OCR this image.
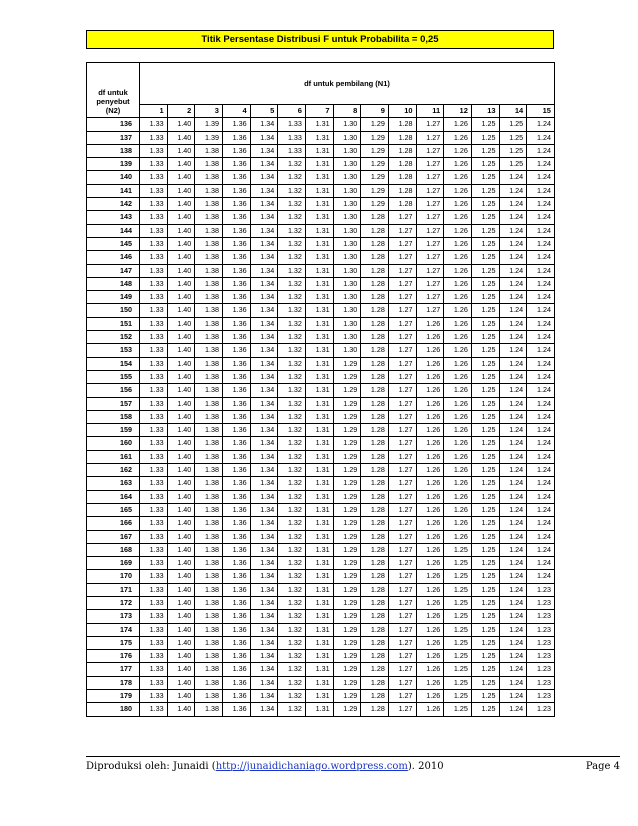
Titik Persentase Distribusi F untuk Probabilita = 0,25
df untuk
penyebut
(N2)	df untuk pembilang (N1)														
	1	2	3	4	5	6	7	8	9	10	11	12	13	14	15
136	1.33	1.40	1.39	1.36	1.34	1.33	1.31	1.30	1.29	1.28	1.27	1.26	1.25	1.25	1.24
137	1.33	1.40	1.39	1.36	1.34	1.33	1.31	1.30	1.29	1.28	1.27	1.26	1.25	1.25	1.24
138	1.33	1.40	1.38	1.36	1.34	1.33	1.31	1.30	1.29	1.28	1.27	1.26	1.25	1.25	1.24
139	1.33	1.40	1.38	1.36	1.34	1.32	1.31	1.30	1.29	1.28	1.27	1.26	1.25	1.25	1.24
140	1.33	1.40	1.38	1.36	1.34	1.32	1.31	1.30	1.29	1.28	1.27	1.26	1.25	1.24	1.24
141	1.33	1.40	1.38	1.36	1.34	1.32	1.31	1.30	1.29	1.28	1.27	1.26	1.25	1.24	1.24
142	1.33	1.40	1.38	1.36	1.34	1.32	1.31	1.30	1.29	1.28	1.27	1.26	1.25	1.24	1.24
143	1.33	1.40	1.38	1.36	1.34	1.32	1.31	1.30	1.28	1.27	1.27	1.26	1.25	1.24	1.24
144	1.33	1.40	1.38	1.36	1.34	1.32	1.31	1.30	1.28	1.27	1.27	1.26	1.25	1.24	1.24
145	1.33	1.40	1.38	1.36	1.34	1.32	1.31	1.30	1.28	1.27	1.27	1.26	1.25	1.24	1.24
146	1.33	1.40	1.38	1.36	1.34	1.32	1.31	1.30	1.28	1.27	1.27	1.26	1.25	1.24	1.24
147	1.33	1.40	1.38	1.36	1.34	1.32	1.31	1.30	1.28	1.27	1.27	1.26	1.25	1.24	1.24
148	1.33	1.40	1.38	1.36	1.34	1.32	1.31	1.30	1.28	1.27	1.27	1.26	1.25	1.24	1.24
149	1.33	1.40	1.38	1.36	1.34	1.32	1.31	1.30	1.28	1.27	1.27	1.26	1.25	1.24	1.24
150	1.33	1.40	1.38	1.36	1.34	1.32	1.31	1.30	1.28	1.27	1.27	1.26	1.25	1.24	1.24
151	1.33	1.40	1.38	1.36	1.34	1.32	1.31	1.30	1.28	1.27	1.26	1.26	1.25	1.24	1.24
152	1.33	1.40	1.38	1.36	1.34	1.32	1.31	1.30	1.28	1.27	1.26	1.26	1.25	1.24	1.24
153	1.33	1.40	1.38	1.36	1.34	1.32	1.31	1.30	1.28	1.27	1.26	1.26	1.25	1.24	1.24
154	1.33	1.40	1.38	1.36	1.34	1.32	1.31	1.29	1.28	1.27	1.26	1.26	1.25	1.24	1.24
155	1.33	1.40	1.38	1.36	1.34	1.32	1.31	1.29	1.28	1.27	1.26	1.26	1.25	1.24	1.24
156	1.33	1.40	1.38	1.36	1.34	1.32	1.31	1.29	1.28	1.27	1.26	1.26	1.25	1.24	1.24
157	1.33	1.40	1.38	1.36	1.34	1.32	1.31	1.29	1.28	1.27	1.26	1.26	1.25	1.24	1.24
158	1.33	1.40	1.38	1.36	1.34	1.32	1.31	1.29	1.28	1.27	1.26	1.26	1.25	1.24	1.24
159	1.33	1.40	1.38	1.36	1.34	1.32	1.31	1.29	1.28	1.27	1.26	1.26	1.25	1.24	1.24
160	1.33	1.40	1.38	1.36	1.34	1.32	1.31	1.29	1.28	1.27	1.26	1.26	1.25	1.24	1.24
161	1.33	1.40	1.38	1.36	1.34	1.32	1.31	1.29	1.28	1.27	1.26	1.26	1.25	1.24	1.24
162	1.33	1.40	1.38	1.36	1.34	1.32	1.31	1.29	1.28	1.27	1.26	1.26	1.25	1.24	1.24
163	1.33	1.40	1.38	1.36	1.34	1.32	1.31	1.29	1.28	1.27	1.26	1.26	1.25	1.24	1.24
164	1.33	1.40	1.38	1.36	1.34	1.32	1.31	1.29	1.28	1.27	1.26	1.26	1.25	1.24	1.24
165	1.33	1.40	1.38	1.36	1.34	1.32	1.31	1.29	1.28	1.27	1.26	1.26	1.25	1.24	1.24
166	1.33	1.40	1.38	1.36	1.34	1.32	1.31	1.29	1.28	1.27	1.26	1.26	1.25	1.24	1.24
167	1.33	1.40	1.38	1.36	1.34	1.32	1.31	1.29	1.28	1.27	1.26	1.26	1.25	1.24	1.24
168	1.33	1.40	1.38	1.36	1.34	1.32	1.31	1.29	1.28	1.27	1.26	1.25	1.25	1.24	1.24
169	1.33	1.40	1.38	1.36	1.34	1.32	1.31	1.29	1.28	1.27	1.26	1.25	1.25	1.24	1.24
170	1.33	1.40	1.38	1.36	1.34	1.32	1.31	1.29	1.28	1.27	1.26	1.25	1.25	1.24	1.24
171	1.33	1.40	1.38	1.36	1.34	1.32	1.31	1.29	1.28	1.27	1.26	1.25	1.25	1.24	1.23
172	1.33	1.40	1.38	1.36	1.34	1.32	1.31	1.29	1.28	1.27	1.26	1.25	1.25	1.24	1.23
173	1.33	1.40	1.38	1.36	1.34	1.32	1.31	1.29	1.28	1.27	1.26	1.25	1.25	1.24	1.23
174	1.33	1.40	1.38	1.36	1.34	1.32	1.31	1.29	1.28	1.27	1.26	1.25	1.25	1.24	1.23
175	1.33	1.40	1.38	1.36	1.34	1.32	1.31	1.29	1.28	1.27	1.26	1.25	1.25	1.24	1.23
176	1.33	1.40	1.38	1.36	1.34	1.32	1.31	1.29	1.28	1.27	1.26	1.25	1.25	1.24	1.23
177	1.33	1.40	1.38	1.36	1.34	1.32	1.31	1.29	1.28	1.27	1.26	1.25	1.25	1.24	1.23
178	1.33	1.40	1.38	1.36	1.34	1.32	1.31	1.29	1.28	1.27	1.26	1.25	1.25	1.24	1.23
179	1.33	1.40	1.38	1.36	1.34	1.32	1.31	1.29	1.28	1.27	1.26	1.25	1.25	1.24	1.23
180	1.33	1.40	1.38	1.36	1.34	1.32	1.31	1.29	1.28	1.27	1.26	1.25	1.25	1.24	1.23
Diproduksi oleh: Junaidi (http://junaidichaniago.wordpress.com). 2010	Page 4
